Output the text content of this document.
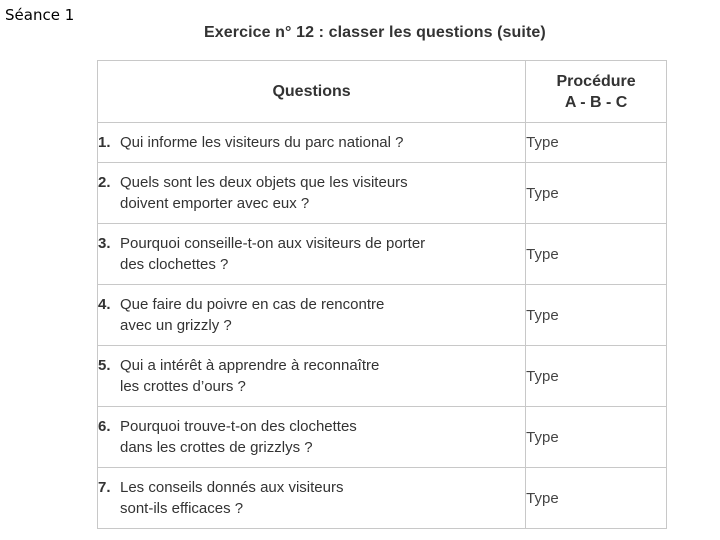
Séance 1
Exercice n° 12 : classer les questions (suite)
Questions	Procédure
A - B - C

1. Qui informe les visiteurs du parc national ?	Type

2. Quels sont les deux objets que les visiteurs
doivent emporter avec eux ?	Type

3. Pourquoi conseille-t-on aux visiteurs de porter
des clochettes ?	Type

4. Que faire du poivre en cas de rencontre
avec un grizzly ?	Type

5. Qui a intérêt à apprendre à reconnaître
les crottes d’ours ?	Type

6. Pourquoi trouve-t-on des clochettes
dans les crottes de grizzlys ?	Type

7. Les conseils donnés aux visiteurs
sont-ils efficaces ?	Type
